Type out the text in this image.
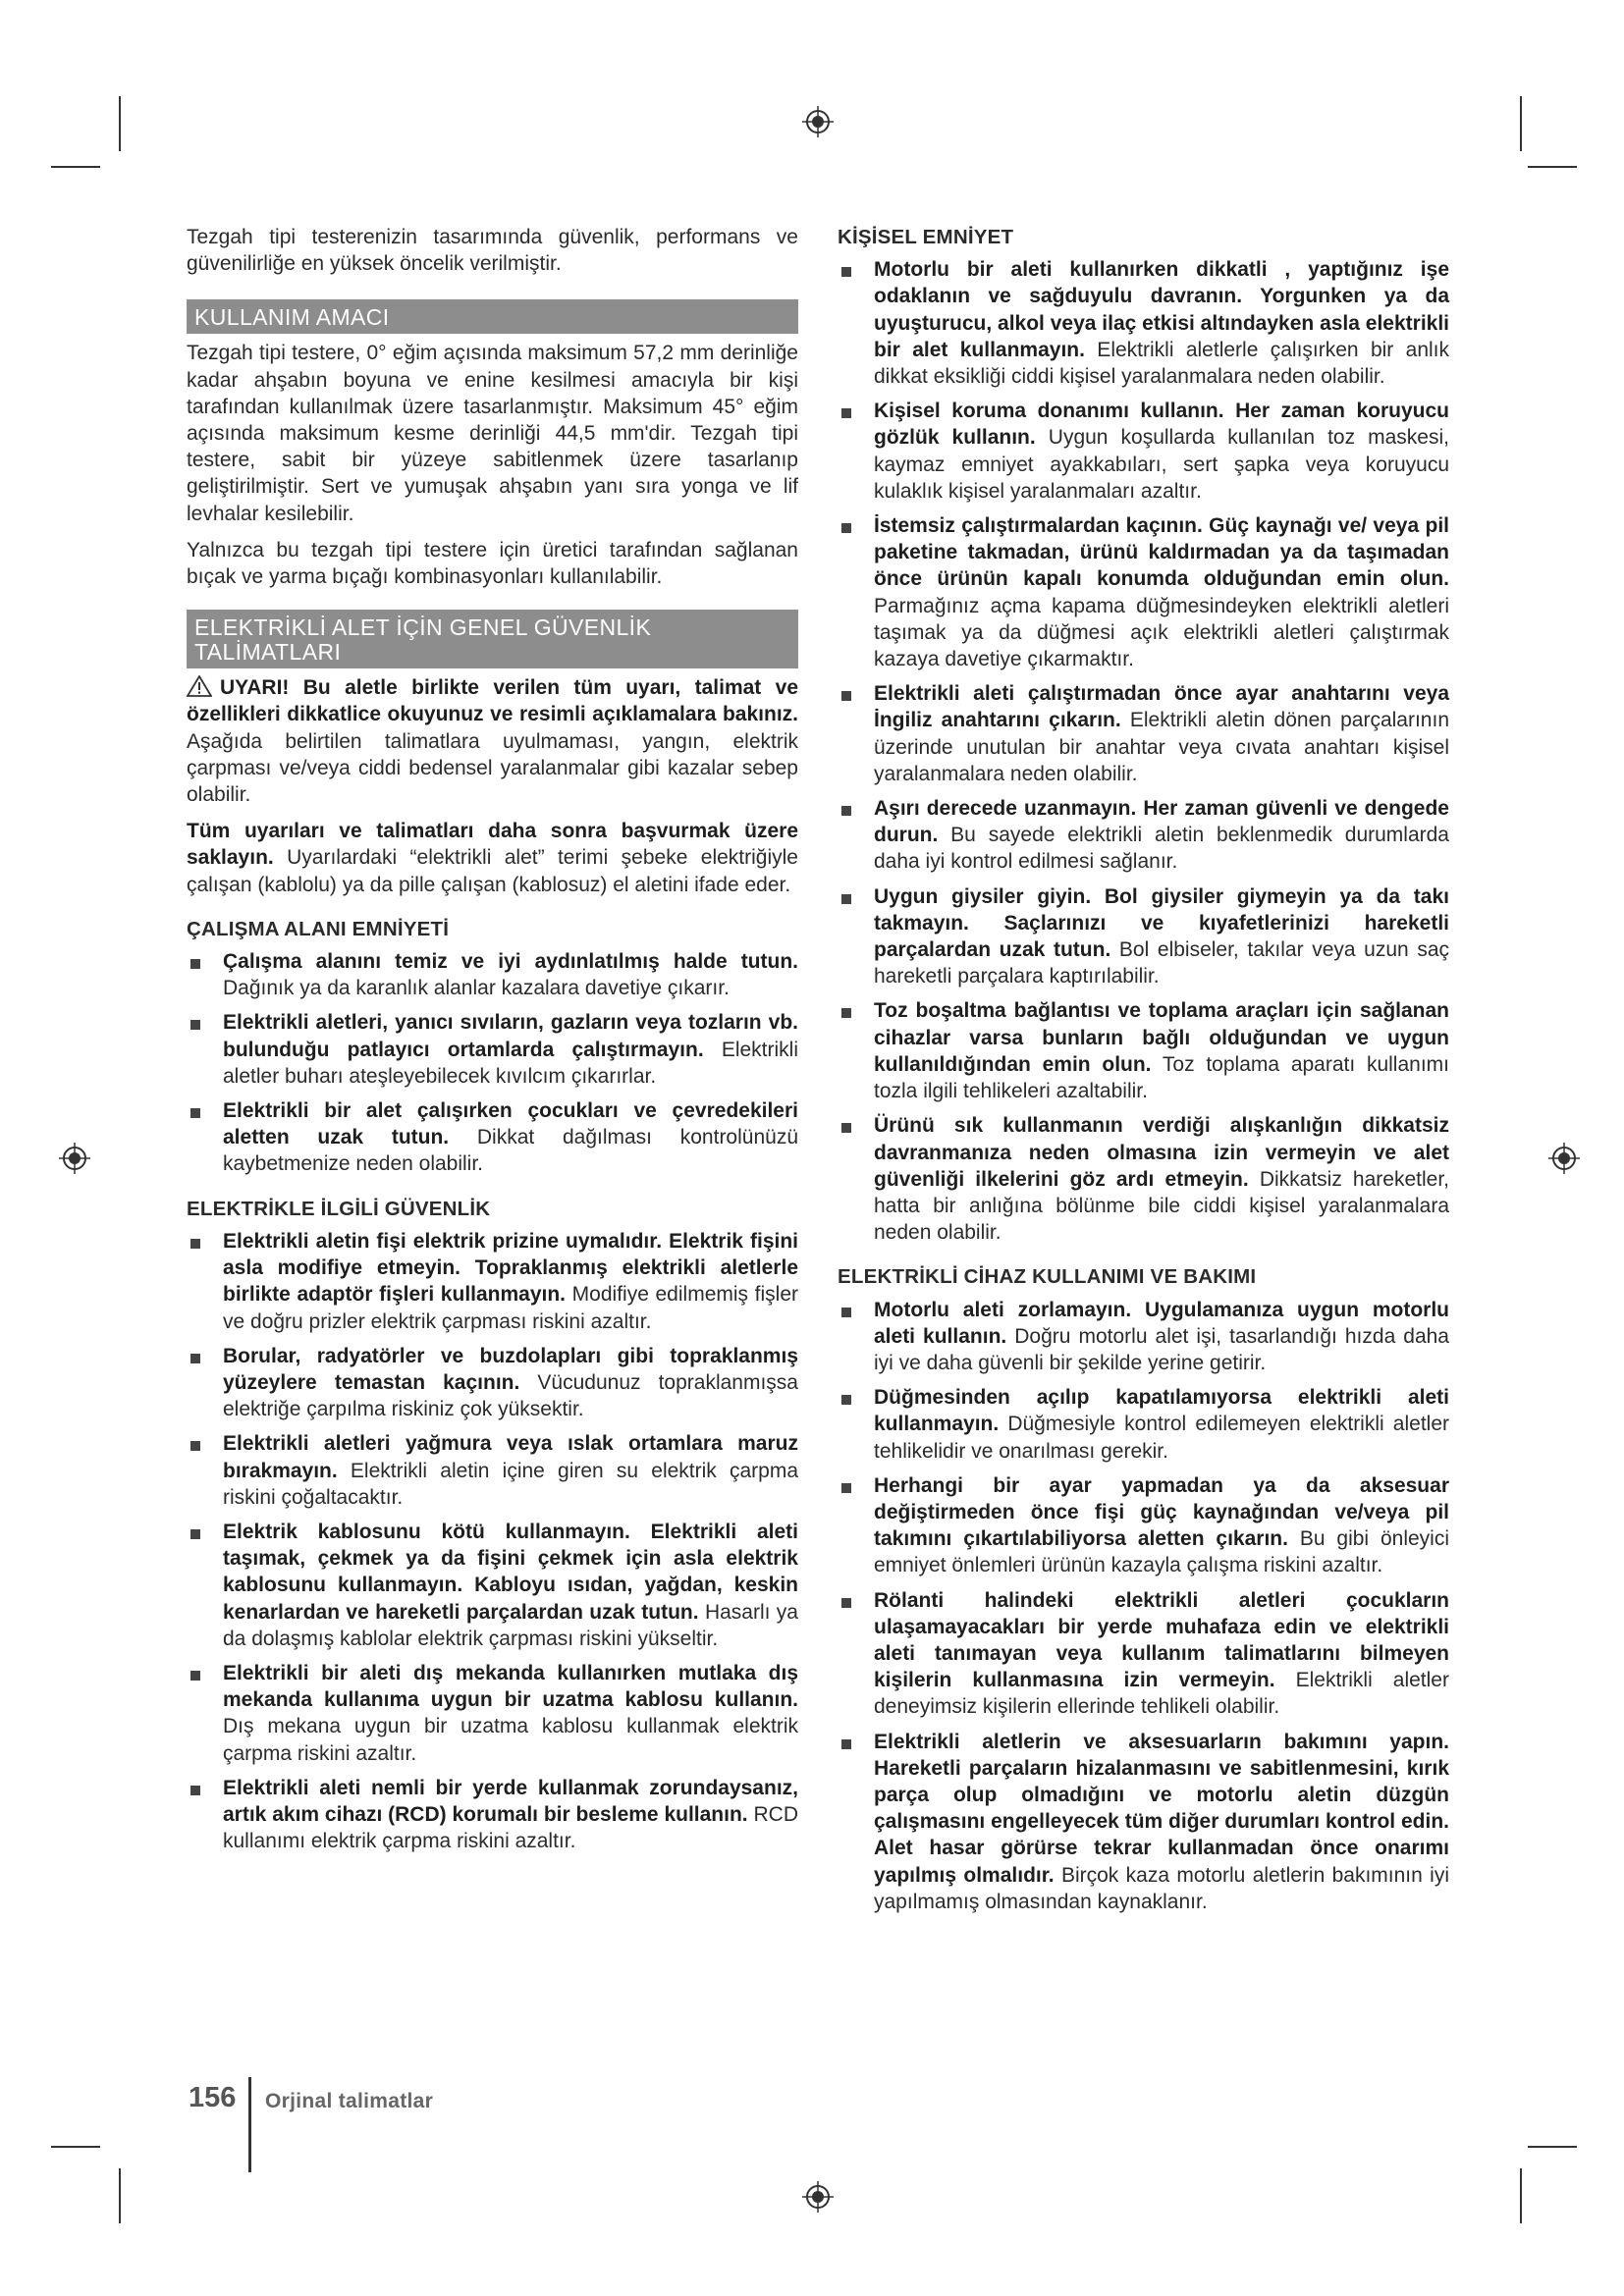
Tezgah tipi testerenizin tasarımında güvenlik, performans ve güvenilirliğe en yüksek öncelik verilmiştir.

KULLANIM AMACI

Tezgah tipi testere, 0° eğim açısında maksimum 57,2 mm derinliğe kadar ahşabın boyuna ve enine kesilmesi amacıyla bir kişi tarafından kullanılmak üzere tasarlanmıştır. Maksimum 45° eğim açısında maksimum kesme derinliği 44,5 mm'dir. Tezgah tipi testere, sabit bir yüzeye sabitlenmek üzere tasarlanıp geliştirilmiştir. Sert ve yumuşak ahşabın yanı sıra yonga ve lif levhalar kesilebilir.

Yalnızca bu tezgah tipi testere için üretici tarafından sağlanan bıçak ve yarma bıçağı kombinasyonları kullanılabilir.

ELEKTRİKLİ ALET İÇİN GENEL GÜVENLİK TALİMATLARI

UYARI! Bu aletle birlikte verilen tüm uyarı, talimat ve özellikleri dikkatlice okuyunuz ve resimli açıklamalara bakınız. Aşağıda belirtilen talimatlara uyulmaması, yangın, elektrik çarpması ve/veya ciddi bedensel yaralanmalar gibi kazalar sebep olabilir.

Tüm uyarıları ve talimatları daha sonra başvurmak üzere saklayın. Uyarılardaki “elektrikli alet” terimi şebeke elektriğiyle çalışan (kablolu) ya da pille çalışan (kablosuz) el aletini ifade eder.

ÇALIŞMA ALANI EMNİYETİ
Çalışma alanını temiz ve iyi aydınlatılmış halde tutun. Dağınık ya da karanlık alanlar kazalara davetiye çıkarır.
Elektrikli aletleri, yanıcı sıvıların, gazların veya tozların vb. bulunduğu patlayıcı ortamlarda çalıştırmayın. Elektrikli aletler buharı ateşleyebilecek kıvılcım çıkarırlar.
Elektrikli bir alet çalışırken çocukları ve çevredekileri aletten uzak tutun. Dikkat dağılması kontrolünüzü kaybetmenize neden olabilir.
ELEKTRİKLE İLGİLİ GÜVENLİK
Elektrikli aletin fişi elektrik prizine uymalıdır. Elektrik fişini asla modifiye etmeyin. Topraklanmış elektrikli aletlerle birlikte adaptör fişleri kullanmayın. Modifiye edilmemiş fişler ve doğru prizler elektrik çarpması riskini azaltır.
Borular, radyatörler ve buzdolapları gibi topraklanmış yüzeylere temastan kaçının. Vücudunuz topraklanmışsa elektriğe çarpılma riskiniz çok yüksektir.
Elektrikli aletleri yağmura veya ıslak ortamlara maruz bırakmayın. Elektrikli aletin içine giren su elektrik çarpma riskini çoğaltacaktır.
Elektrik kablosunu kötü kullanmayın. Elektrikli aleti taşımak, çekmek ya da fişini çekmek için asla elektrik kablosunu kullanmayın. Kabloyu ısıdan, yağdan, keskin kenarlardan ve hareketli parçalardan uzak tutun. Hasarlı ya da dolaşmış kablolar elektrik çarpması riskini yükseltir.
Elektrikli bir aleti dış mekanda kullanırken mutlaka dış mekanda kullanıma uygun bir uzatma kablosu kullanın. Dış mekana uygun bir uzatma kablosu kullanmak elektrik çarpma riskini azaltır.
Elektrikli aleti nemli bir yerde kullanmak zorundaysanız, artık akım cihazı (RCD) korumalı bir besleme kullanın. RCD kullanımı elektrik çarpma riskini azaltır.
KİŞİSEL EMNİYET
Motorlu bir aleti kullanırken dikkatli , yaptığınız işe odaklanın ve sağduyulu davranın. Yorgunken ya da uyuşturucu, alkol veya ilaç etkisi altındayken asla elektrikli bir alet kullanmayın. Elektrikli aletlerle çalışırken bir anlık dikkat eksikliği ciddi kişisel yaralanmalara neden olabilir.
Kişisel koruma donanımı kullanın. Her zaman koruyucu gözlük kullanın. Uygun koşullarda kullanılan toz maskesi, kaymaz emniyet ayakkabıları, sert şapka veya koruyucu kulaklık kişisel yaralanmaları azaltır.
İstemsiz çalıştırmalardan kaçının. Güç kaynağı ve/ veya pil paketine takmadan, ürünü kaldırmadan ya da taşımadan önce ürünün kapalı konumda olduğundan emin olun. Parmağınız açma kapama düğmesindeyken elektrikli aletleri taşımak ya da düğmesi açık elektrikli aletleri çalıştırmak kazaya davetiye çıkarmaktır.
Elektrikli aleti çalıştırmadan önce ayar anahtarını veya İngiliz anahtarını çıkarın. Elektrikli aletin dönen parçalarının üzerinde unutulan bir anahtar veya cıvata anahtarı kişisel yaralanmalara neden olabilir.
Aşırı derecede uzanmayın. Her zaman güvenli ve dengede durun. Bu sayede elektrikli aletin beklenmedik durumlarda daha iyi kontrol edilmesi sağlanır.
Uygun giysiler giyin. Bol giysiler giymeyin ya da takı takmayın. Saçlarınızı ve kıyafetlerinizi hareketli parçalardan uzak tutun. Bol elbiseler, takılar veya uzun saç hareketli parçalara kaptırılabilir.
Toz boşaltma bağlantısı ve toplama araçları için sağlanan cihazlar varsa bunların bağlı olduğundan ve uygun kullanıldığından emin olun. Toz toplama aparatı kullanımı tozla ilgili tehlikeleri azaltabilir.
Ürünü sık kullanmanın verdiği alışkanlığın dikkatsiz davranmanıza neden olmasına izin vermeyin ve alet güvenliği ilkelerini göz ardı etmeyin. Dikkatsiz hareketler, hatta bir anlığına bölünme bile ciddi kişisel yaralanmalara neden olabilir.
ELEKTRİKLİ CİHAZ KULLANIMI VE BAKIMI
Motorlu aleti zorlamayın. Uygulamanıza uygun motorlu aleti kullanın. Doğru motorlu alet işi, tasarlandığı hızda daha iyi ve daha güvenli bir şekilde yerine getirir.
Düğmesinden açılıp kapatılamıyorsa elektrikli aleti kullanmayın. Düğmesiyle kontrol edilemeyen elektrikli aletler tehlikelidir ve onarılması gerekir.
Herhangi bir ayar yapmadan ya da aksesuar değiştirmeden önce fişi güç kaynağından ve/veya pil takımını çıkartılabiliyorsa aletten çıkarın. Bu gibi önleyici emniyet önlemleri ürünün kazayla çalışma riskini azaltır.
Rölanti halindeki elektrikli aletleri çocukların ulaşamayacakları bir yerde muhafaza edin ve elektrikli aleti tanımayan veya kullanım talimatlarını bilmeyen kişilerin kullanmasına izin vermeyin. Elektrikli aletler deneyimsiz kişilerin ellerinde tehlikeli olabilir.
Elektrikli aletlerin ve aksesuarların bakımını yapın. Hareketli parçaların hizalanmasını ve sabitlenmesini, kırık parça olup olmadığını ve motorlu aletin düzgün çalışmasını engelleyecek tüm diğer durumları kontrol edin. Alet hasar görürse tekrar kullanmadan önce onarımı yapılmış olmalıdır. Birçok kaza motorlu aletlerin bakımının iyi yapılmamış olmasından kaynaklanır.
156 Orjinal talimatlar
